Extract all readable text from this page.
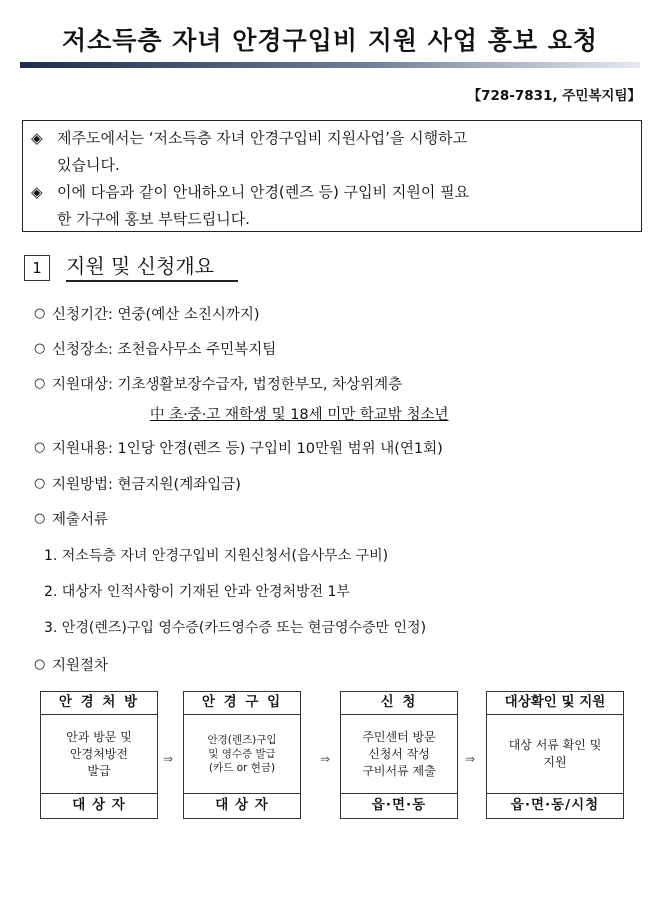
저소득층 자녀 안경구입비 지원 사업 홍보 요청
【728-7831, 주민복지팀】
◈ 제주도에서는 ‘저소득층 자녀 안경구입비 지원사업’을 시행하고
있습니다.
◈ 이에 다음과 같이 안내하오니 안경(렌즈 등) 구입비 지원이 필요
한 가구에 홍보 부탁드립니다.
1	지원 및 신청개요
○ 신청기간: 연중(예산 소진시까지)
○ 신청장소: 조천읍사무소 주민복지팀
○ 지원대상: 기초생활보장수급자, 법정한부모, 차상위계층
中 초·중·고 재학생 및 18세 미만 학교밖 청소년
○ 지원내용: 1인당 안경(렌즈 등) 구입비 10만원 범위 내(연1회)
○ 지원방법: 현금지원(계좌입금)
○ 제출서류
1. 저소득층 자녀 안경구입비 지원신청서(읍사무소 구비)
2. 대상자 인적사항이 기재된 안과 안경처방전 1부
3. 안경(렌즈)구입 영수증(카드영수증 또는 현금영수증만 인정)
○ 지원절차
안 경 처 방
안과 방문 및
안경처방전
발급
대 상 자
⇒
안 경 구 입
안경(렌즈)구입
및 영수증 발급
(카드 or 현금)
대 상 자
⇒
신 청
주민센터 방문
신청서 작성
구비서류 제출
읍·면·동
⇒
대상확인 및 지원
대상 서류 확인 및
지원
읍·면·동/시청
